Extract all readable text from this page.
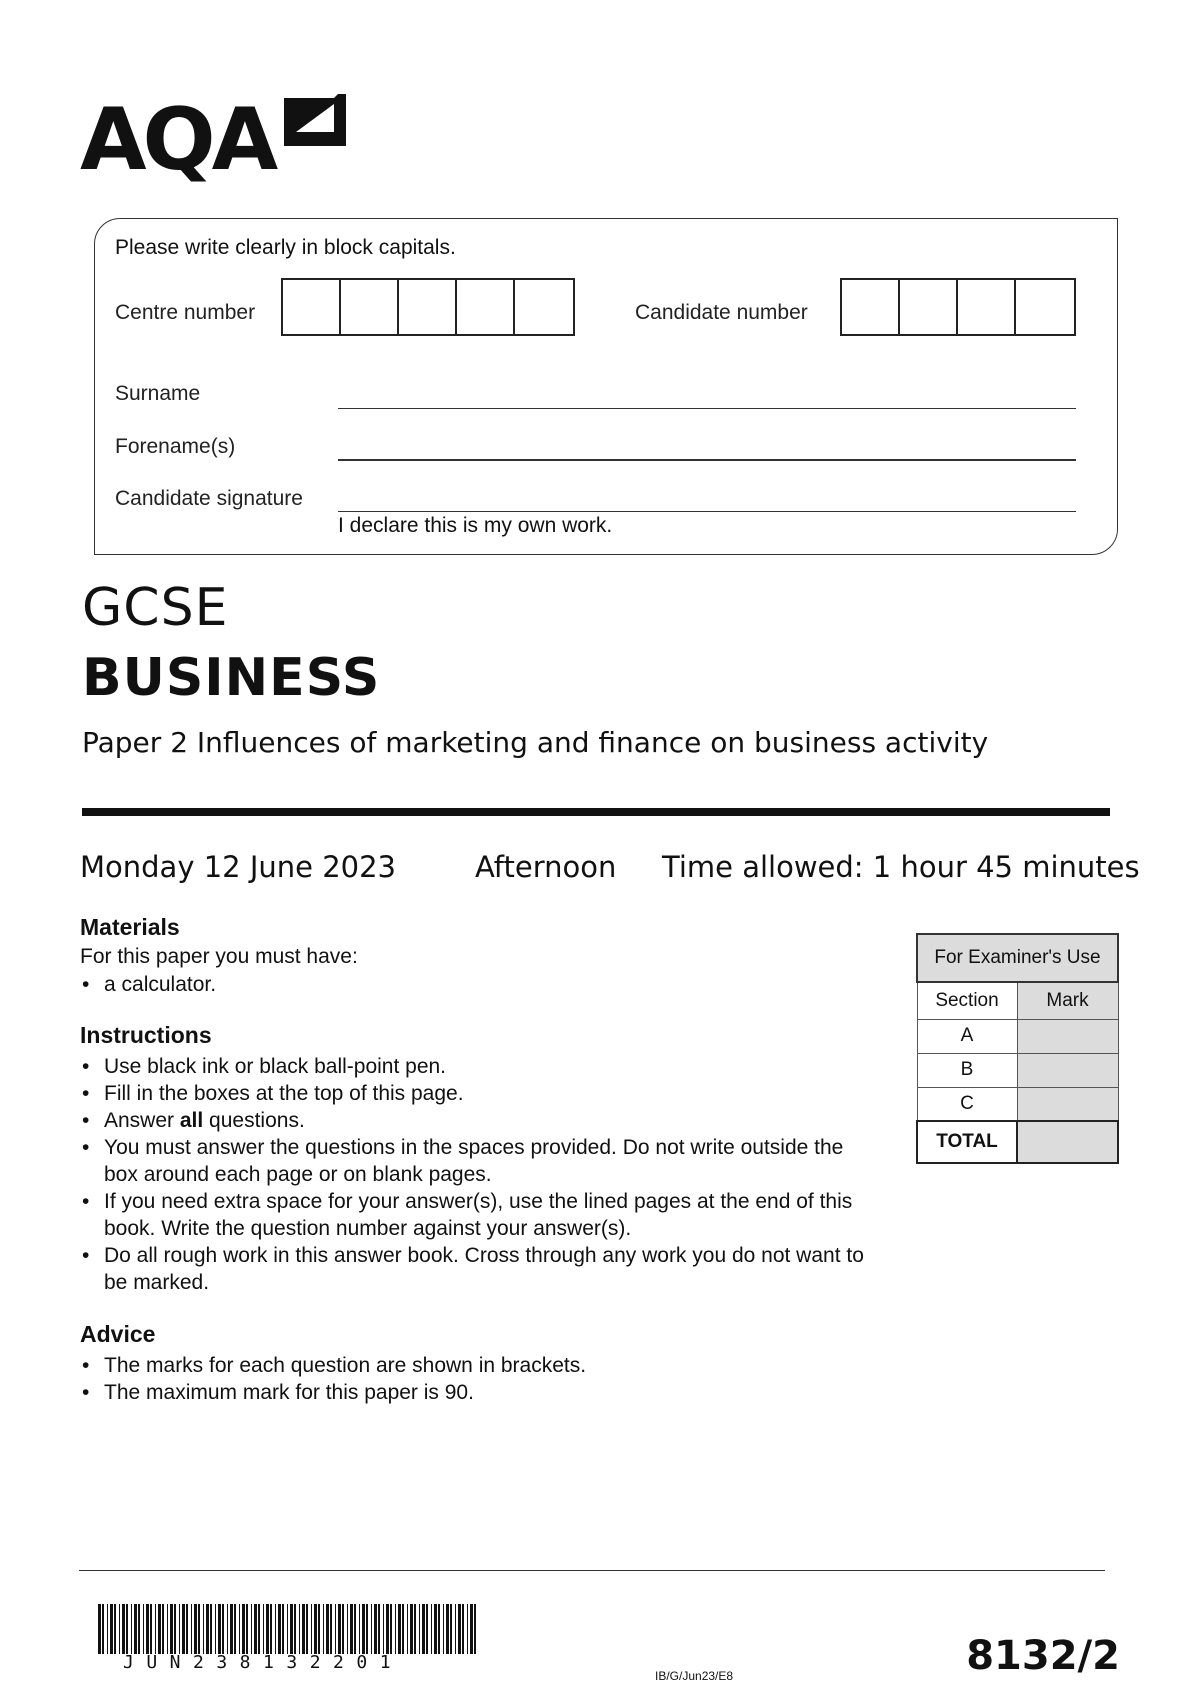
AQA
Please write clearly in block capitals.
Centre number	Candidate number
Surname
Forename(s)
Candidate signature
I declare this is my own work.
GCSE
BUSINESS
Paper 2 Influences of marketing and finance on business activity
Monday 12 June 2023	Afternoon Time allowed: 1 hour 45 minutes
Materials
For this paper you must have:
• a calculator.
Instructions
• Use black ink or black ball-point pen.
• Fill in the boxes at the top of this page.
• Answer all questions.
• You must answer the questions in the spaces provided. Do not write outside the box around each page or on blank pages.
• If you need extra space for your answer(s), use the lined pages at the end of this book. Write the question number against your answer(s).
• Do all rough work in this answer book. Cross through any work you do not want to be marked.
Advice
• The marks for each question are shown in brackets.
• The maximum mark for this paper is 90.
For Examiner's Use	
Section	Mark
A	
B	
C	
TOTAL	
JUN238132201
IB/G/Jun23/E8	8132/2
